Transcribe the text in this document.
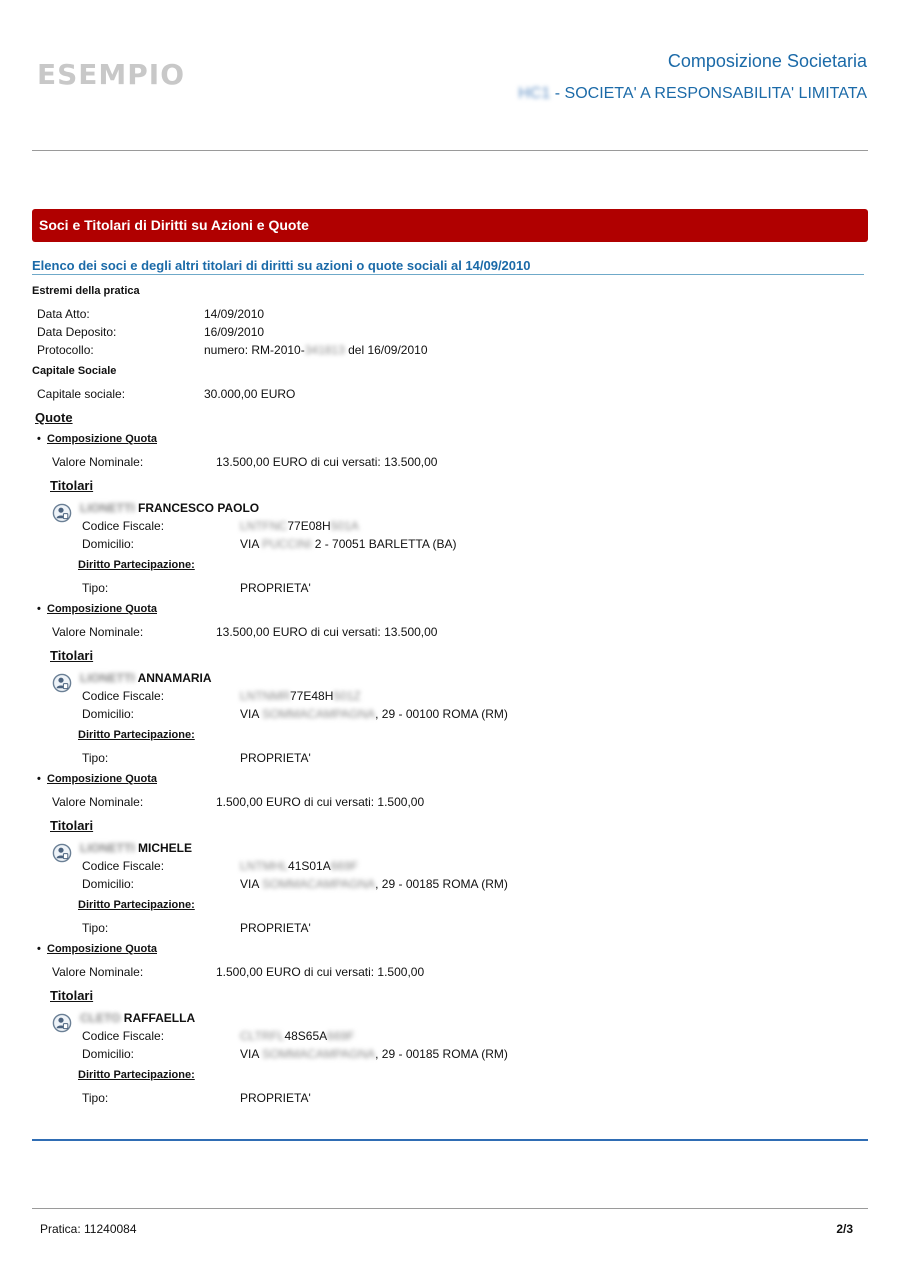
ESEMPIO	Composizione Societaria
HC1 - SOCIETA' A RESPONSABILITA' LIMITATA
Soci e Titolari di Diritti su Azioni e Quote
Elenco dei soci e degli altri titolari di diritti su azioni o quote sociali al 14/09/2010
Estremi della pratica
Data Atto:	14/09/2010
Data Deposito:	16/09/2010
Protocollo:	numero: RM-2010-341813 del 16/09/2010
Capitale Sociale
Capitale sociale:	30.000,00 EURO
Quote
• Composizione Quota
Valore Nominale:	13.500,00 EURO di cui versati: 13.500,00
Titolari
LIONETTI FRANCESCO PAOLO
Codice Fiscale:	LNTFNC77E08H501A
Domicilio:	VIA PUCCINI 2 - 70051 BARLETTA (BA)
Diritto Partecipazione:
Tipo:	PROPRIETA'
• Composizione Quota
Valore Nominale:	13.500,00 EURO di cui versati: 13.500,00
Titolari
LIONETTI ANNAMARIA
Codice Fiscale:	LNTNMR77E48H501Z
Domicilio:	VIA SOMMACAMPAGNA, 29 - 00100 ROMA (RM)
Diritto Partecipazione:
Tipo:	PROPRIETA'
• Composizione Quota
Valore Nominale:	1.500,00 EURO di cui versati: 1.500,00
Titolari
LIONETTI MICHELE
Codice Fiscale:	LNTMHL41S01A669F
Domicilio:	VIA SOMMACAMPAGNA, 29 - 00185 ROMA (RM)
Diritto Partecipazione:
Tipo:	PROPRIETA'
• Composizione Quota
Valore Nominale:	1.500,00 EURO di cui versati: 1.500,00
Titolari
CLETO RAFFAELLA
Codice Fiscale:	CLTRFL48S65A669F
Domicilio:	VIA SOMMACAMPAGNA, 29 - 00185 ROMA (RM)
Diritto Partecipazione:
Tipo:	PROPRIETA'
Pratica: 11240084	2/3
